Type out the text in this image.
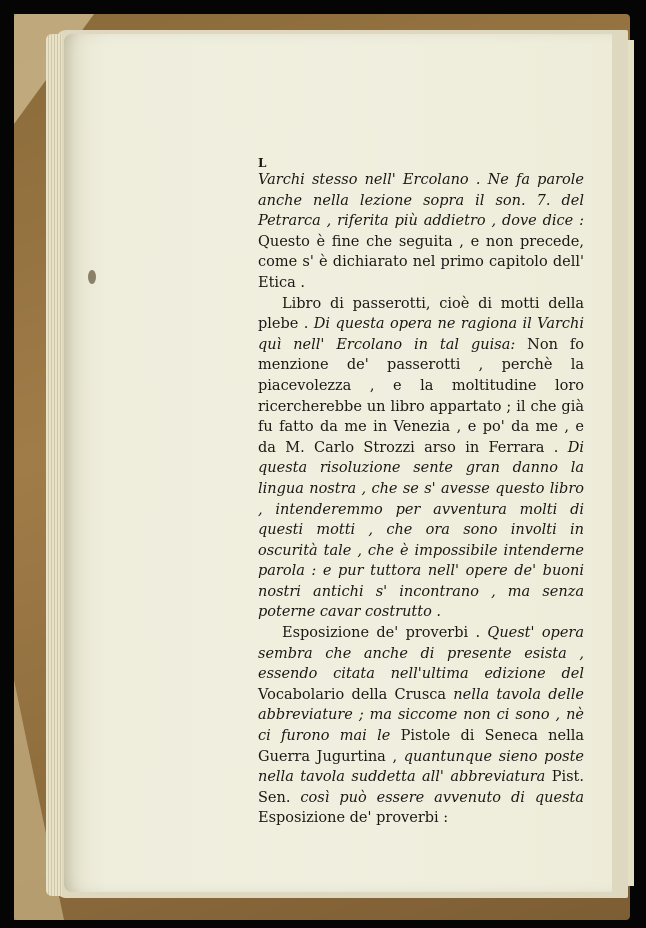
L

Varchi stesso nell' Ercolano . Ne fa parole anche nella lezione sopra il son. 7. del Petrarca , riferita più addietro , dove dice : Questo è fine che seguita , e non precede, come s' è dichiarato nel primo capitolo dell' Etica .

Libro di passerotti, cioè di motti della plebe . Di questa opera ne ragiona il Varchi quì nell' Ercolano in tal guisa: Non fo menzione de' passerotti , perchè la piacevolezza , e la moltitudine loro ricercherebbe un libro appartato ; il che già fu fatto da me in Venezia , e po' da me , e da M. Carlo Strozzi arso in Ferrara . Di questa risoluzione sente gran danno la lingua nostra , che se s' avesse questo libro , intenderemmo per avventura molti di questi motti , che ora sono involti in oscurità tale , che è impossibile intenderne parola : e pur tuttora nell' opere de' buoni nostri antichi s' incontrano , ma senza poterne cavar costrutto .

Esposizione de' proverbi . Quest' opera sembra che anche di presente esista , essendo citata nell'ultima edizione del Vocabolario della Crusca nella tavola delle abbreviature ; ma siccome non ci sono , nè ci furono mai le Pistole di Seneca nella Guerra Jugurtina , quantunque sieno poste nella tavola suddetta all' abbreviatura Pist. Sen. così può essere avvenuto di questa Esposizione de' proverbi :
